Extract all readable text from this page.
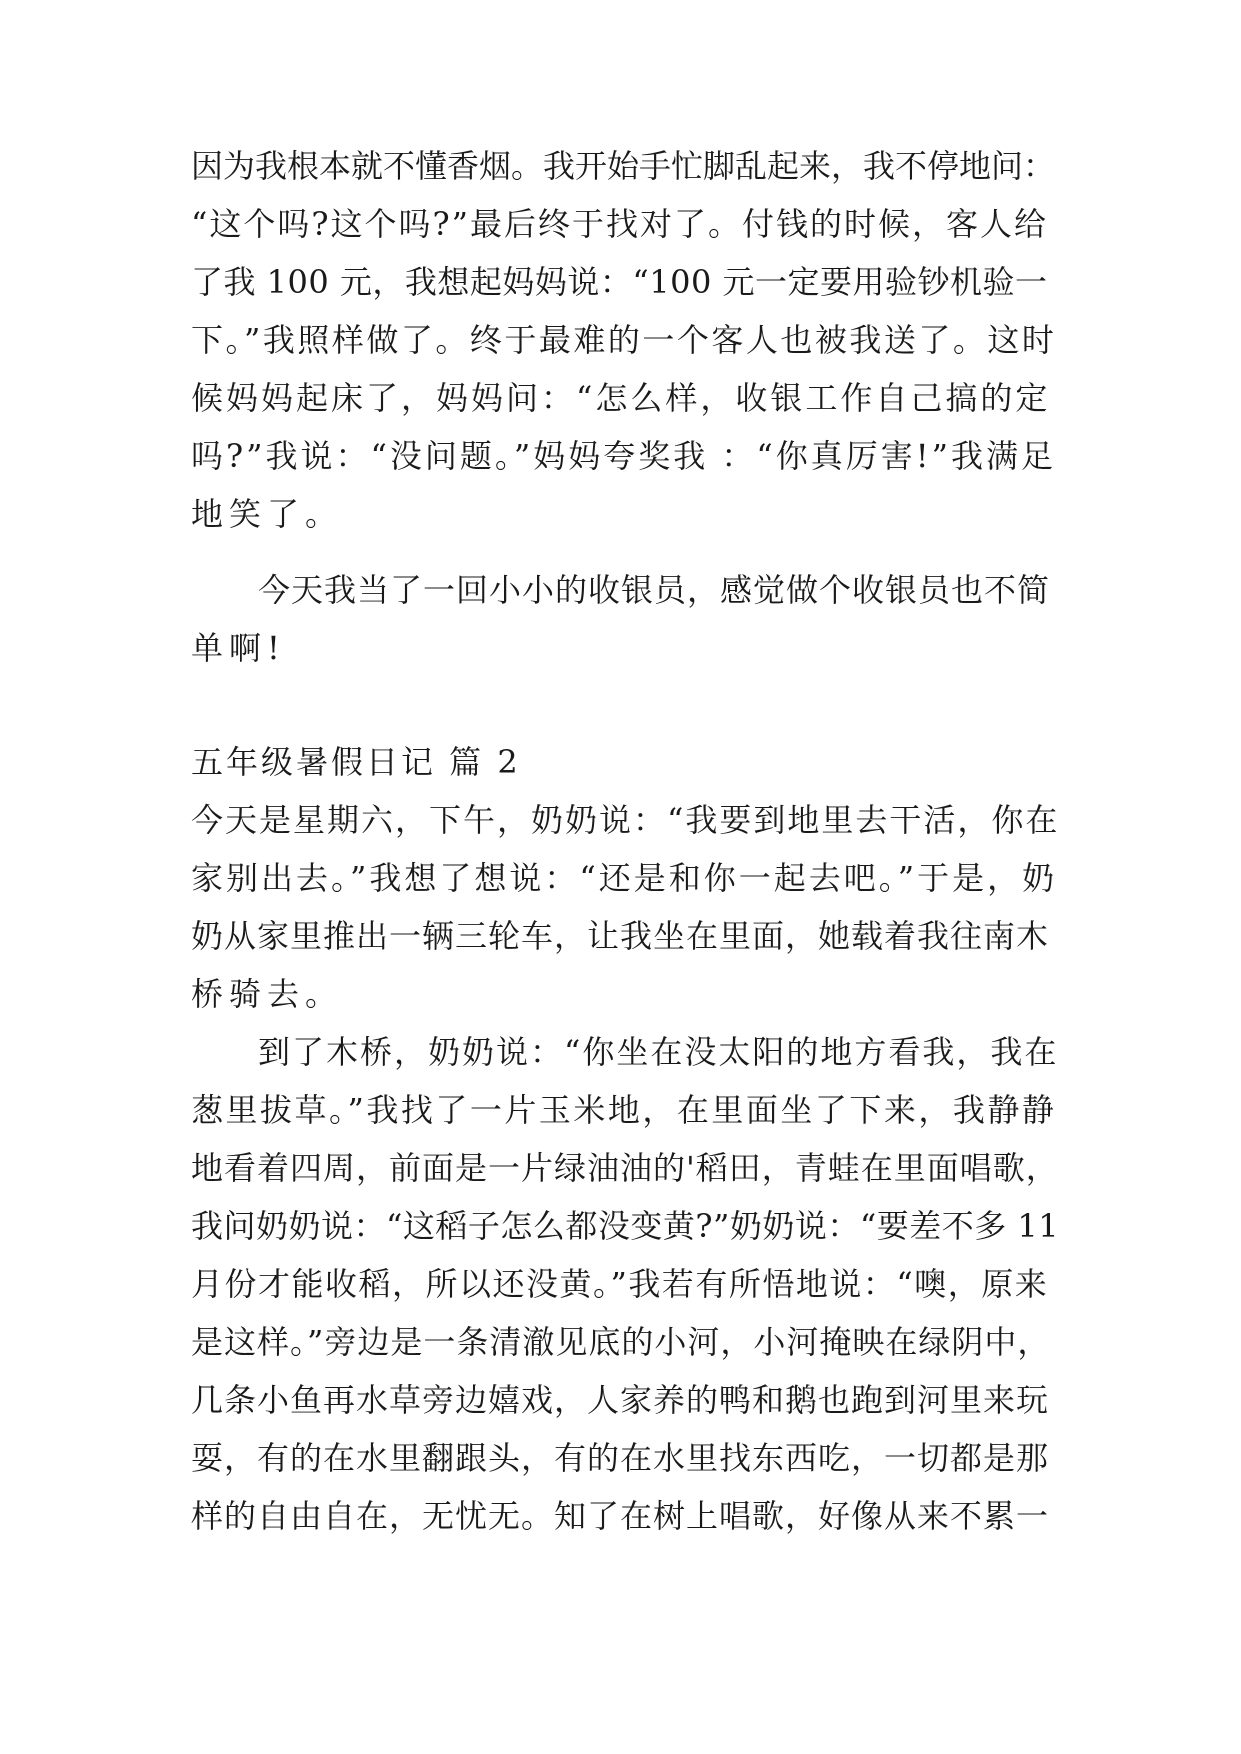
因为我根本就不懂香烟。我开始手忙脚乱起来，我不停地问：
“这个吗?这个吗?”最后终于找对了。付钱的时候，客人给
了我 100 元，我想起妈妈说：“100 元一定要用验钞机验一
下。”我照样做了。终于最难的一个客人也被我送了。这时
候妈妈起床了，妈妈问：“怎么样，收银工作自己搞的定
吗?”我说：“没问题。”妈妈夸奖我 ：“你真厉害!”我满足
地笑了。
今天我当了一回小小的收银员，感觉做个收银员也不简
单啊!
五年级暑假日记 篇 2
今天是星期六，下午，奶奶说：“我要到地里去干活，你在
家别出去。”我想了想说：“还是和你一起去吧。”于是，奶
奶从家里推出一辆三轮车，让我坐在里面，她载着我往南木
桥骑去。
到了木桥，奶奶说：“你坐在没太阳的地方看我，我在
葱里拔草。”我找了一片玉米地，在里面坐了下来，我静静
地看着四周，前面是一片绿油油的'稻田，青蛙在里面唱歌，
我问奶奶说：“这稻子怎么都没变黄?”奶奶说：“要差不多 11
月份才能收稻，所以还没黄。”我若有所悟地说：“噢，原来
是这样。”旁边是一条清澈见底的小河，小河掩映在绿阴中，
几条小鱼再水草旁边嬉戏，人家养的鸭和鹅也跑到河里来玩
耍，有的在水里翻跟头，有的在水里找东西吃，一切都是那
样的自由自在，无忧无。知了在树上唱歌，好像从来不累一
